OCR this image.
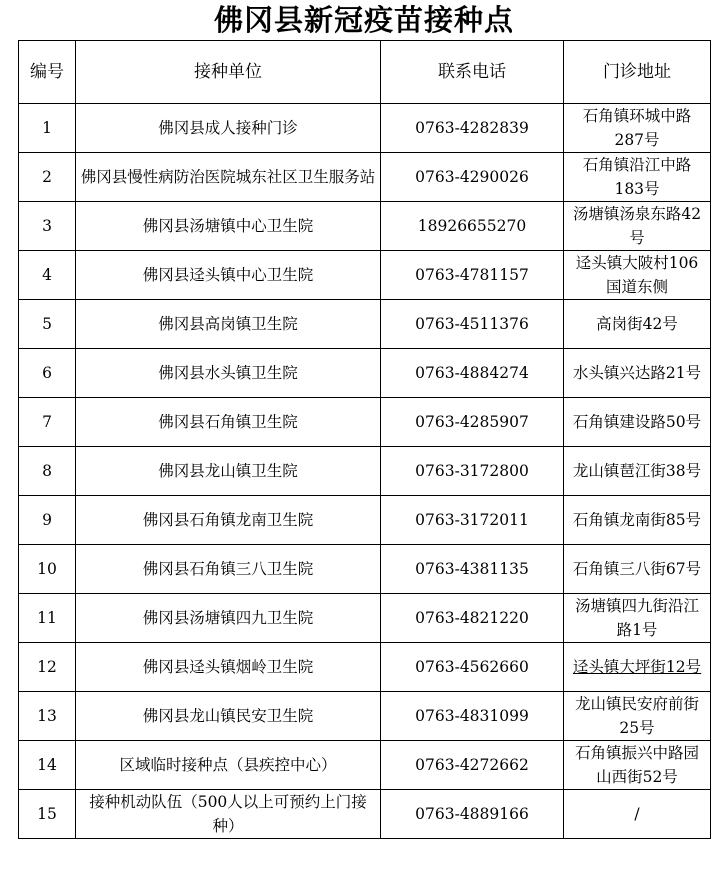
佛冈县新冠疫苗接种点
编号	接种单位	联系电话	门诊地址
1	佛冈县成人接种门诊	0763-4282839	石角镇环城中路287号
2	佛冈县慢性病防治医院城东社区卫生服务站	0763-4290026	石角镇沿江中路183号
3	佛冈县汤塘镇中心卫生院	18926655270	汤塘镇汤泉东路42号
4	佛冈县迳头镇中心卫生院	0763-4781157	迳头镇大陂村106国道东侧
5	佛冈县高岗镇卫生院	0763-4511376	高岗街42号
6	佛冈县水头镇卫生院	0763-4884274	水头镇兴达路21号
7	佛冈县石角镇卫生院	0763-4285907	石角镇建设路50号
8	佛冈县龙山镇卫生院	0763-3172800	龙山镇琶江街38号
9	佛冈县石角镇龙南卫生院	0763-3172011	石角镇龙南街85号
10	佛冈县石角镇三八卫生院	0763-4381135	石角镇三八街67号
11	佛冈县汤塘镇四九卫生院	0763-4821220	汤塘镇四九街沿江路1号
12	佛冈县迳头镇烟岭卫生院	0763-4562660	迳头镇大坪街12号
13	佛冈县龙山镇民安卫生院	0763-4831099	龙山镇民安府前街25号
14	区域临时接种点（县疾控中心）	0763-4272662	石角镇振兴中路园山西街52号
15	接种机动队伍（500人以上可预约上门接种）	0763-4889166	/
